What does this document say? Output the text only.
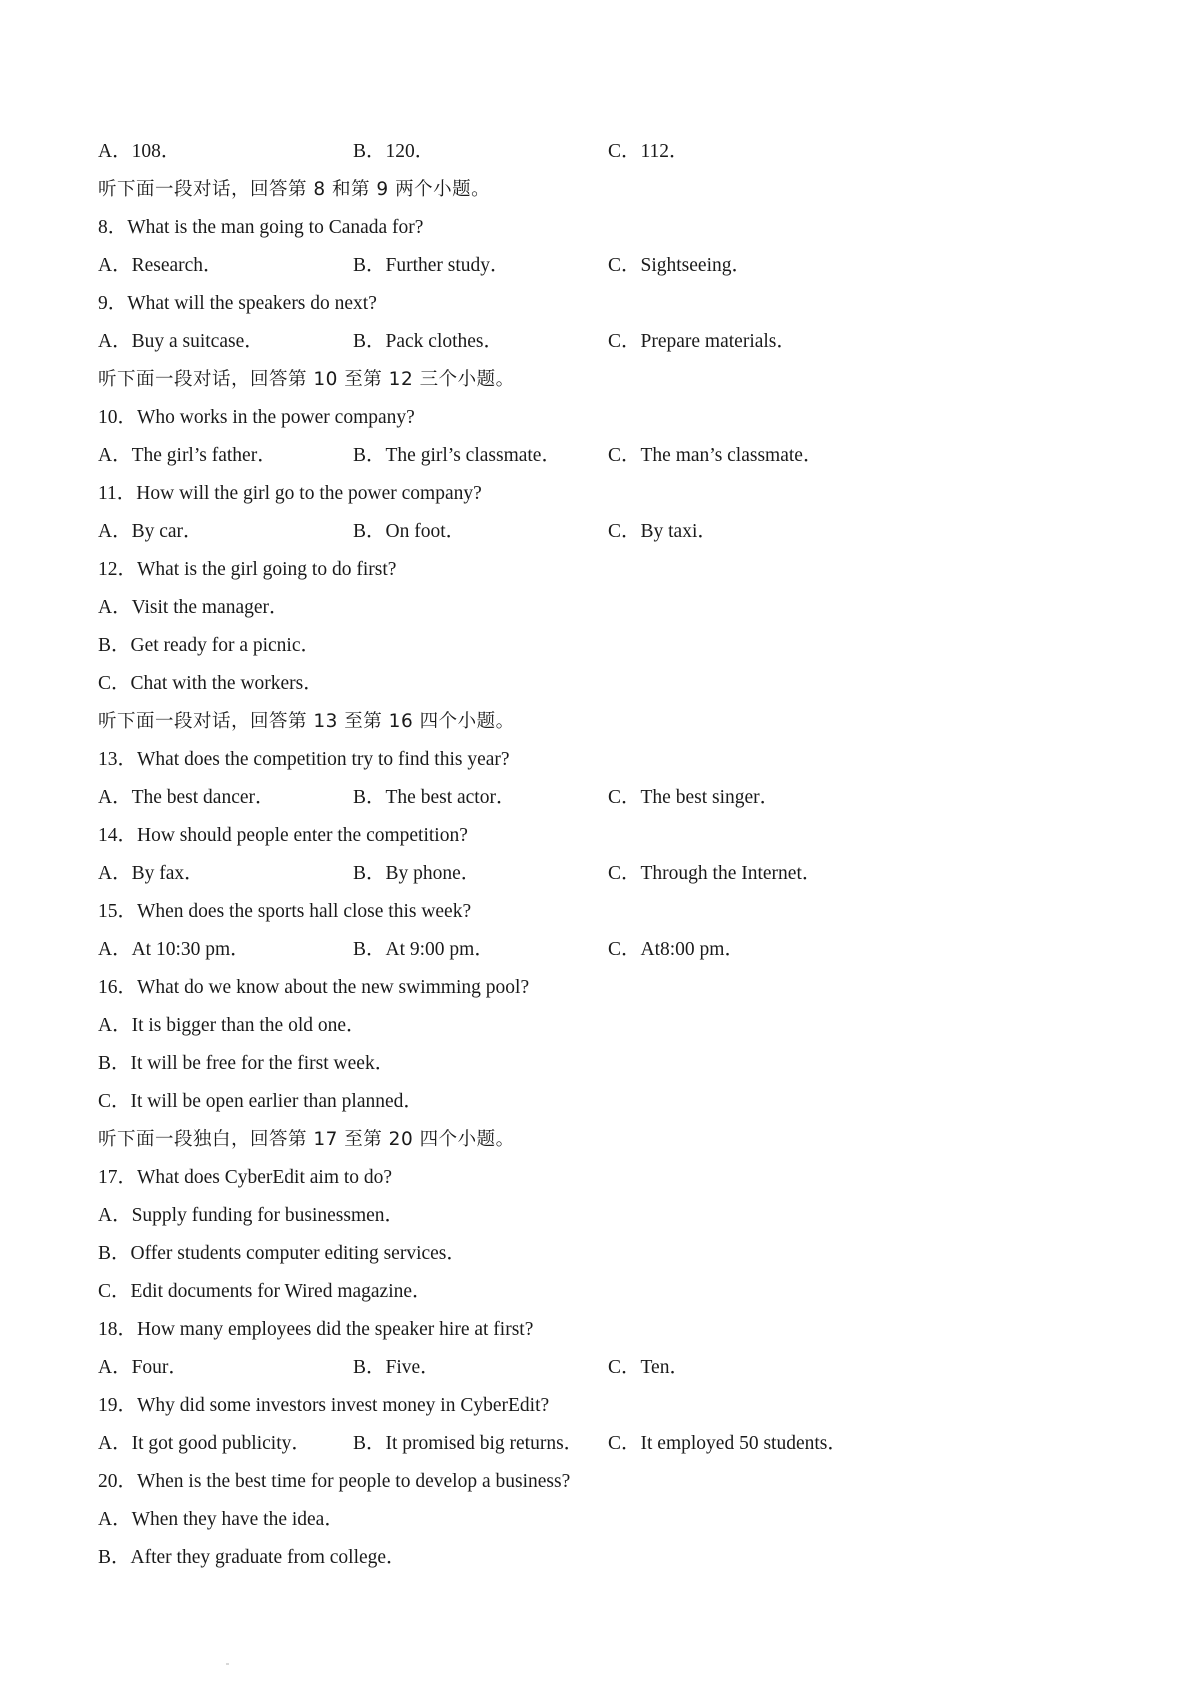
A．108．	B．120．	C．112．
听下面一段对话，回答第 8 和第 9 两个小题。
8．What is the man going to Canada for?
A．Research．	B．Further study．	C．Sightseeing．
9．What will the speakers do next?
A．Buy a suitcase．	B．Pack clothes．	C．Prepare materials．
听下面一段对话，回答第 10 至第 12 三个小题。
10．Who works in the power company?
A．The girl’s father．	B．The girl’s classmate． C．The man’s classmate．
11．How will the girl go to the power company?
A．By car．	B．On foot．	C．By taxi．
12．What is the girl going to do first?
A．Visit the manager．
B．Get ready for a picnic．
C．Chat with the workers．
听下面一段对话，回答第 13 至第 16 四个小题。
13．What does the competition try to find this year?
A．The best dancer．	B．The best actor．	C．The best singer．
14．How should people enter the competition?
A．By fax．	B．By phone．	C．Through the Internet．
15．When does the sports hall close this week?
A．At 10:30 pm．	B．At 9:00 pm．	C．At8:00 pm．
16．What do we know about the new swimming pool?
A．It is bigger than the old one．
B．It will be free for the first week．
C．It will be open earlier than planned．
听下面一段独白，回答第 17 至第 20 四个小题。
17．What does CyberEdit aim to do?
A．Supply funding for businessmen．
B．Offer students computer editing services．
C．Edit documents for Wired magazine．
18．How many employees did the speaker hire at first?
A．Four．	B．Five．	C．Ten．
19．Why did some investors invest money in CyberEdit?
A．It got good publicity． B．It promised big returns． C．It employed 50 students．
20．When is the best time for people to develop a business?
A．When they have the idea．
B．After they graduate from college．
